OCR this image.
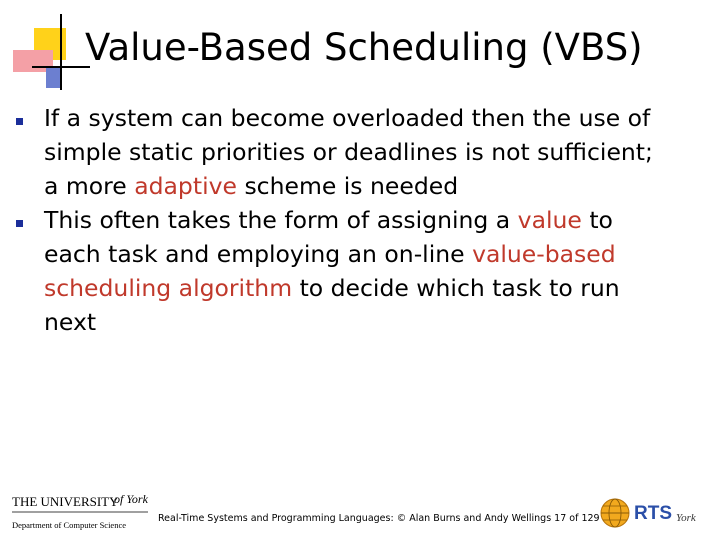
Value-Based Scheduling (VBS)
If a system can become overloaded then the use of
simple static priorities or deadlines is not sufficient;
a more adaptive scheme is needed
This often takes the form of assigning a value to
each task and employing an on-line value-based
scheduling algorithm to decide which task to run
next
THE UNIVERSITY
of York
Department of Computer Science
Real-Time Systems and Programming Languages: © Alan Burns and Andy Wellings 17 of 129 RTS York
